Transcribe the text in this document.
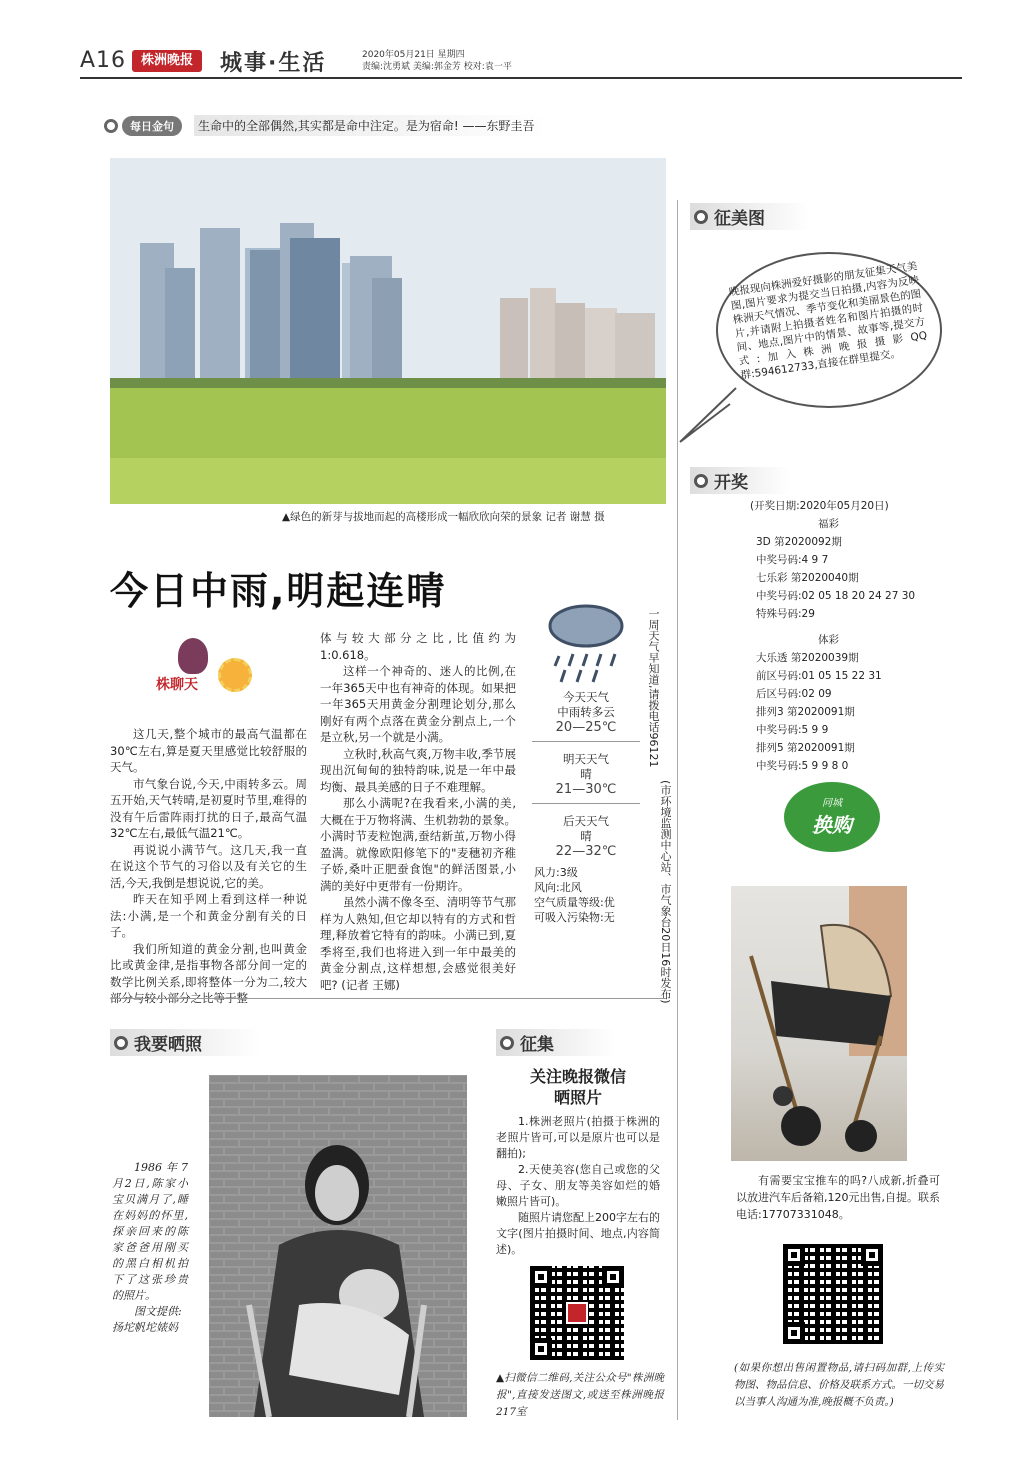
A16	株洲晚报	城事·生活	2020年05月21日 星期四
责编:沈勇斌 美编:郭金芳 校对:袁一平
每日金句	生命中的全部偶然,其实都是命中注定。是为宿命! ——东野圭吾
▲绿色的新芽与拔地而起的高楼形成一幅欣欣向荣的景象 记者 谢慧 摄
今日中雨,明起连晴
株聊天

这几天,整个城市的最高气温都在30℃左右,算是夏天里感觉比较舒服的天气。

市气象台说,今天,中雨转多云。周五开始,天气转晴,是初夏时节里,难得的没有午后雷阵雨打扰的日子,最高气温32℃左右,最低气温21℃。

再说说小满节气。这几天,我一直在说这个节气的习俗以及有关它的生活,今天,我倒是想说说,它的美。

昨天在知乎网上看到这样一种说法:小满,是一个和黄金分割有关的日子。

我们所知道的黄金分割,也叫黄金比或黄金律,是指事物各部分间一定的数学比例关系,即将整体一分为二,较大部分与较小部分之比等于整

体与较大部分之比,比值约为1:0.618。

这样一个神奇的、迷人的比例,在一年365天中也有神奇的体现。如果把一年365天用黄金分割理论划分,那么刚好有两个点落在黄金分割点上,一个是立秋,另一个就是小满。

立秋时,秋高气爽,万物丰收,季节展现出沉甸甸的独特韵味,说是一年中最均衡、最具美感的日子不难理解。

那么小满呢?在我看来,小满的美,大概在于万物将满、生机勃勃的景象。小满时节麦粒饱满,蚕结新茧,万物小得盈满。就像欧阳修笔下的"麦穗初齐稚子娇,桑叶正肥蚕食饱"的鲜活图景,小满的美好中更带有一份期许。

虽然小满不像冬至、清明等节气那样为人熟知,但它却以特有的方式和哲理,释放着它特有的韵味。小满已到,夏季将至,我们也将进入到一年中最美的黄金分割点,这样想想,会感觉很美好吧? (记者 王娜)

今天天气
中雨转多云
20—25℃
明天天气
晴
21—30℃
后天天气
晴
22—32℃
风力:3级
风向:北风
空气质量等级:优
可吸入污染物:无
一周天气早知道,请拨电话96121
(市环境监测中心站、市气象台20日16时发布)
征美图
晚报现向株洲爱好摄影的朋友征集天气美图,图片要求为提交当日拍摄,内容为反映株洲天气情况、季节变化和美丽景色的图片,并请附上拍摄者姓名和图片拍摄的时间、地点,图片中的情景、故事等,提交方式:加入株洲晚报摄影QQ群:594612733,直接在群里提交。
开奖
(开奖日期:2020年05月20日)
福彩
3D 第2020092期
中奖号码:4 9 7
七乐彩 第2020040期
中奖号码:02 05 18 20 24 27 30
特殊号码:29
体彩
大乐透 第2020039期
前区号码:01 05 15 22 31
后区号码:02 09
排列3 第2020091期
中奖号码:5 9 9
排列5 第2020091期
中奖号码:5 9 9 8 0
同城
换购
有需要宝宝推车的吗?八成新,折叠可以放进汽车后备箱,120元出售,自提。联系电话:17707331048。
(如果你想出售闲置物品,请扫码加群,上传实物图、物品信息、价格及联系方式。一切交易以当事人沟通为准,晚报概不负责。)
我要晒照
1986年7月2日,陈家小宝贝满月了,睡在妈妈的怀里,探亲回来的陈家爸爸用刚买的黑白相机拍下了这张珍贵的照片。
图文提供:
扬坨帆坨婊妈
征集
关注晚报微信
晒照片

1.株洲老照片(拍摄于株洲的老照片皆可,可以是原片也可以是翻拍);

2.天使美容(您自己或您的父母、子女、朋友等美容如烂的婚嫩照片皆可)。

随照片请您配上200字左右的文字(图片拍摄时间、地点,内容简述)。

▲扫微信二维码,关注公众号"株洲晚报",直接发送图文,或送至株洲晚报217室
